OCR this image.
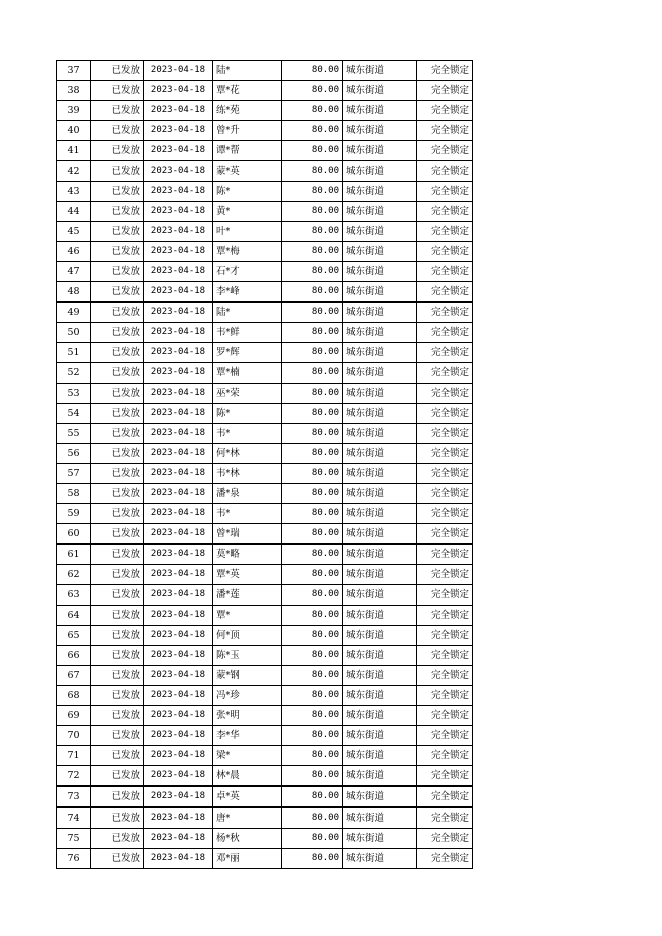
37	已发放	2023-04-18	陆*	80.00	城东街道	完全锁定
38	已发放	2023-04-18	覃*花	80.00	城东街道	完全锁定
39	已发放	2023-04-18	练*苑	80.00	城东街道	完全锁定
40	已发放	2023-04-18	曾*升	80.00	城东街道	完全锁定
41	已发放	2023-04-18	谭*帮	80.00	城东街道	完全锁定
42	已发放	2023-04-18	蒙*英	80.00	城东街道	完全锁定
43	已发放	2023-04-18	陈*	80.00	城东街道	完全锁定
44	已发放	2023-04-18	黄*	80.00	城东街道	完全锁定
45	已发放	2023-04-18	叶*	80.00	城东街道	完全锁定
46	已发放	2023-04-18	覃*梅	80.00	城东街道	完全锁定
47	已发放	2023-04-18	石*才	80.00	城东街道	完全锁定
48	已发放	2023-04-18	李*峰	80.00	城东街道	完全锁定
49	已发放	2023-04-18	陆*	80.00	城东街道	完全锁定
50	已发放	2023-04-18	韦*鲜	80.00	城东街道	完全锁定
51	已发放	2023-04-18	罗*辉	80.00	城东街道	完全锁定
52	已发放	2023-04-18	覃*楠	80.00	城东街道	完全锁定
53	已发放	2023-04-18	巫*荣	80.00	城东街道	完全锁定
54	已发放	2023-04-18	陈*	80.00	城东街道	完全锁定
55	已发放	2023-04-18	韦*	80.00	城东街道	完全锁定
56	已发放	2023-04-18	何*林	80.00	城东街道	完全锁定
57	已发放	2023-04-18	韦*林	80.00	城东街道	完全锁定
58	已发放	2023-04-18	潘*泉	80.00	城东街道	完全锁定
59	已发放	2023-04-18	韦*	80.00	城东街道	完全锁定
60	已发放	2023-04-18	曾*瑞	80.00	城东街道	完全锁定
61	已发放	2023-04-18	莫*略	80.00	城东街道	完全锁定
62	已发放	2023-04-18	覃*英	80.00	城东街道	完全锁定
63	已发放	2023-04-18	潘*莲	80.00	城东街道	完全锁定
64	已发放	2023-04-18	覃*	80.00	城东街道	完全锁定
65	已发放	2023-04-18	何*顶	80.00	城东街道	完全锁定
66	已发放	2023-04-18	陈*玉	80.00	城东街道	完全锁定
67	已发放	2023-04-18	蒙*钢	80.00	城东街道	完全锁定
68	已发放	2023-04-18	冯*珍	80.00	城东街道	完全锁定
69	已发放	2023-04-18	张*明	80.00	城东街道	完全锁定
70	已发放	2023-04-18	李*华	80.00	城东街道	完全锁定
71	已发放	2023-04-18	梁*	80.00	城东街道	完全锁定
72	已发放	2023-04-18	林*晨	80.00	城东街道	完全锁定
73	已发放	2023-04-18	卓*英	80.00	城东街道	完全锁定
74	已发放	2023-04-18	唐*	80.00	城东街道	完全锁定
75	已发放	2023-04-18	杨*秋	80.00	城东街道	完全锁定
76	已发放	2023-04-18	邓*丽	80.00	城东街道	完全锁定
